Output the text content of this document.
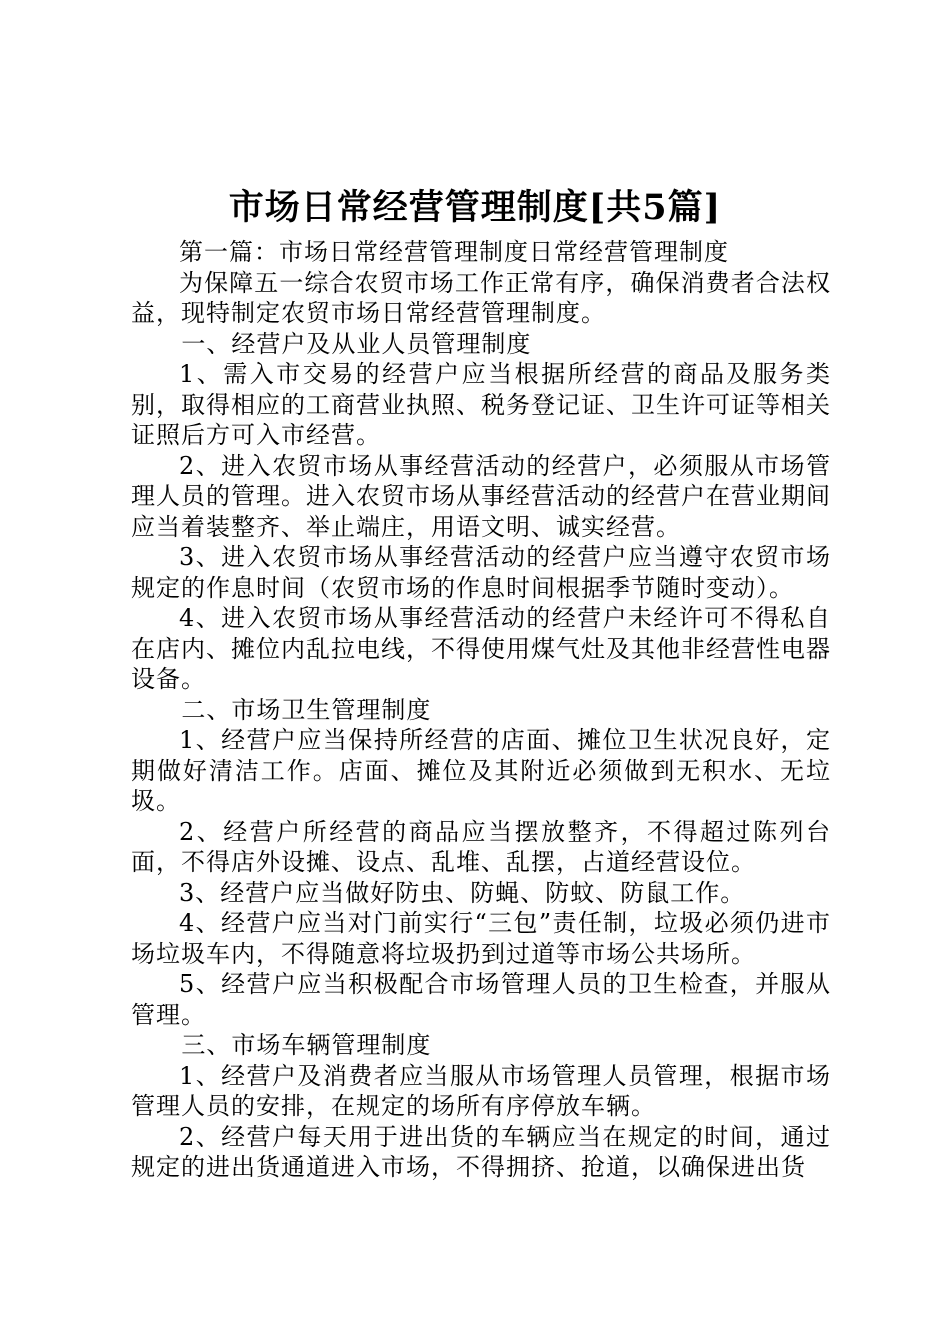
市场日常经营管理制度[共5篇]

第一篇：市场日常经营管理制度日常经营管理制度

为保障五一综合农贸市场工作正常有序，确保消费者合法权益，现特制定农贸市场日常经营管理制度。

一、经营户及从业人员管理制度

1、需入市交易的经营户应当根据所经营的商品及服务类别，取得相应的工商营业执照、税务登记证、卫生许可证等相关证照后方可入市经营。

2、进入农贸市场从事经营活动的经营户，必须服从市场管理人员的管理。进入农贸市场从事经营活动的经营户在营业期间应当着装整齐、举止端庄，用语文明、诚实经营。

3、进入农贸市场从事经营活动的经营户应当遵守农贸市场规定的作息时间（农贸市场的作息时间根据季节随时变动）。

4、进入农贸市场从事经营活动的经营户未经许可不得私自在店内、摊位内乱拉电线，不得使用煤气灶及其他非经营性电器设备。

二、市场卫生管理制度

1、经营户应当保持所经营的店面、摊位卫生状况良好，定期做好清洁工作。店面、摊位及其附近必须做到无积水、无垃圾。

2、经营户所经营的商品应当摆放整齐，不得超过陈列台面，不得店外设摊、设点、乱堆、乱摆，占道经营设位。

3、经营户应当做好防虫、防蝇、防蚊、防鼠工作。

4、经营户应当对门前实行“三包”责任制，垃圾必须仍进市场垃圾车内，不得随意将垃圾扔到过道等市场公共场所。

5、经营户应当积极配合市场管理人员的卫生检查，并服从管理。

三、市场车辆管理制度

1、经营户及消费者应当服从市场管理人员管理，根据市场管理人员的安排，在规定的场所有序停放车辆。

2、经营户每天用于进出货的车辆应当在规定的时间，通过规定的进出货通道进入市场，不得拥挤、抢道，以确保进出货
